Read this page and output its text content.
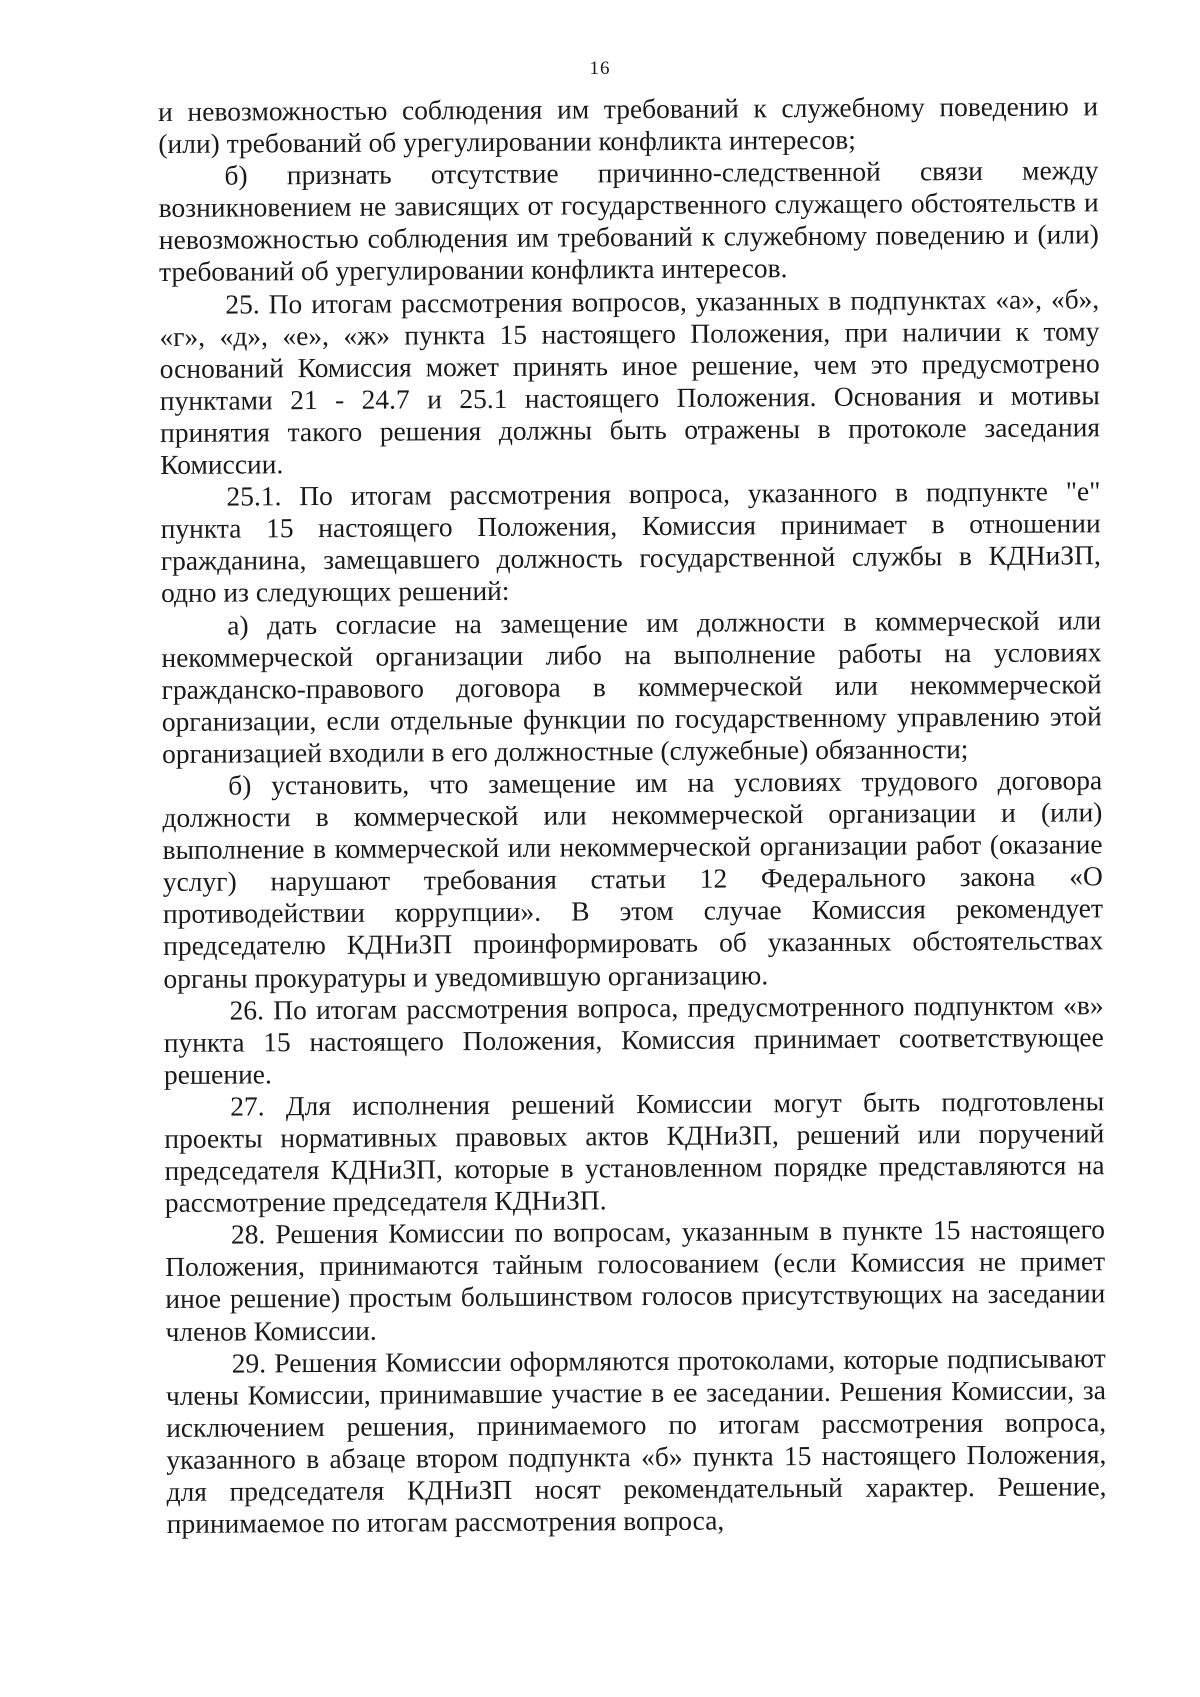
16

и невозможностью соблюдения им требований к служебному поведению и (или) требований об урегулировании конфликта интересов;

б) признать отсутствие причинно-следственной связи между возникновением не зависящих от государственного служащего обстоятельств и невозможностью соблюдения им требований к служебному поведению и (или) требований об урегулировании конфликта интересов.

25. По итогам рассмотрения вопросов, указанных в подпунктах «а», «б», «г», «д», «е», «ж» пункта 15 настоящего Положения, при наличии к тому оснований Комиссия может принять иное решение, чем это предусмотрено пунктами 21 - 24.7 и 25.1 настоящего Положения. Основания и мотивы принятия такого решения должны быть отражены в протоколе заседания Комиссии.

25.1. По итогам рассмотрения вопроса, указанного в подпункте "е" пункта 15 настоящего Положения, Комиссия принимает в отношении гражданина, замещавшего должность государственной службы в КДНиЗП, одно из следующих решений:

а) дать согласие на замещение им должности в коммерческой или некоммерческой организации либо на выполнение работы на условиях гражданско-правового договора в коммерческой или некоммерческой организации, если отдельные функции по государственному управлению этой организацией входили в его должностные (служебные) обязанности;

б) установить, что замещение им на условиях трудового договора должности в коммерческой или некоммерческой организации и (или) выполнение в коммерческой или некоммерческой организации работ (оказание услуг) нарушают требования статьи 12 Федерального закона «О противодействии коррупции». В этом случае Комиссия рекомендует председателю КДНиЗП проинформировать об указанных обстоятельствах органы прокуратуры и уведомившую организацию.

26. По итогам рассмотрения вопроса, предусмотренного подпунктом «в» пункта 15 настоящего Положения, Комиссия принимает соответствующее решение.

27. Для исполнения решений Комиссии могут быть подготовлены проекты нормативных правовых актов КДНиЗП, решений или поручений председателя КДНиЗП, которые в установленном порядке представляются на рассмотрение председателя КДНиЗП.

28. Решения Комиссии по вопросам, указанным в пункте 15 настоящего Положения, принимаются тайным голосованием (если Комиссия не примет иное решение) простым большинством голосов присутствующих на заседании членов Комиссии.

29. Решения Комиссии оформляются протоколами, которые подписывают члены Комиссии, принимавшие участие в ее заседании. Решения Комиссии, за исключением решения, принимаемого по итогам рассмотрения вопроса, указанного в абзаце втором подпункта «б» пункта 15 настоящего Положения, для председателя КДНиЗП носят рекомендательный характер. Решение, принимаемое по итогам рассмотрения вопроса,
